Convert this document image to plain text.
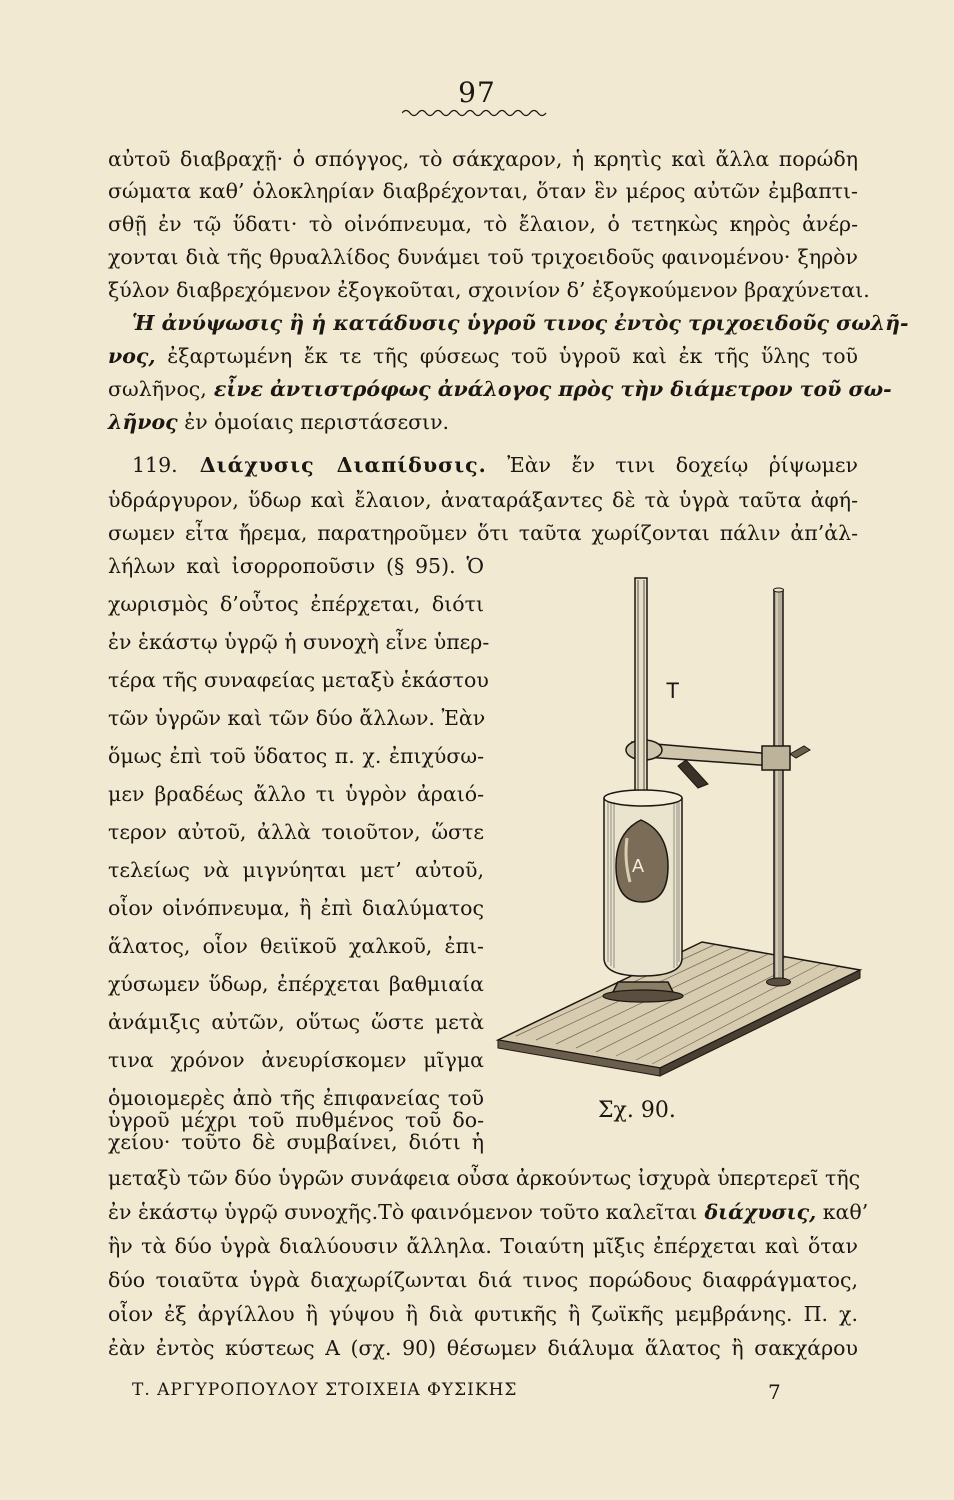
97
αὐτοῦ διαβραχῇ· ὁ σπόγγος, τὸ σάκχαρον, ἡ κρητὶς καὶ ἄλλα πορώδη
σώματα καθ’ ὁλοκληρίαν διαβρέχονται, ὅταν ἓν μέρος αὐτῶν ἐμβαπτι-
σθῇ ἐν τῷ ὕδατι· τὸ οἰνόπνευμα, τὸ ἔλαιον, ὁ τετηκὼς κηρὸς ἀνέρ-
χονται διὰ τῆς θρυαλλίδος δυνάμει τοῦ τριχοειδοῦς φαινομένου· ξηρὸν
ξύλον διαβρεχόμενον ἐξογκοῦται, σχοινίον δ’ ἐξογκούμενον βραχύνεται.
Ἡ ἀνύψωσις ἢ ἡ κατάδυσις ὑγροῦ τινος ἐντὸς τριχοειδοῦς σωλῆ-
νος, ἐξαρτωμένη ἔκ τε τῆς φύσεως τοῦ ὑγροῦ καὶ ἐκ τῆς ὕλης τοῦ
σωλῆνος, εἶνε ἀντιστρόφως ἀνάλογος πρὸς τὴν διάμετρον τοῦ σω-
λῆνος ἐν ὁμοίαις περιστάσεσιν.
119. Διάχυσις Διαπίδυσις. Ἐὰν ἔν τινι δοχείῳ ῥίψωμεν
ὑδράργυρον, ὕδωρ καὶ ἔλαιον, ἀναταράξαντες δὲ τὰ ὑγρὰ ταῦτα ἀφή-
σωμεν εἶτα ἤρεμα, παρατηροῦμεν ὅτι ταῦτα χωρίζονται πάλιν ἀπ’ἀλ-
λήλων καὶ ἰσορροποῦσιν (§ 95). Ὁ
χωρισμὸς δ’οὗτος ἐπέρχεται, διότι
ἐν ἑκάστῳ ὑγρῷ ἡ συνοχὴ εἶνε ὑπερ-
τέρα τῆς συναφείας μεταξὺ ἑκάστου
τῶν ὑγρῶν καὶ τῶν δύο ἄλλων. Ἐὰν
ὅμως ἐπὶ τοῦ ὕδατος π. χ. ἐπιχύσω-
μεν βραδέως ἄλλο τι ὑγρὸν ἀραιό-
τερον αὐτοῦ, ἀλλὰ τοιοῦτον, ὥστε
τελείως νὰ μιγνύηται μετ’ αὐτοῦ,
οἷον οἰνόπνευμα, ἢ ἐπὶ διαλύματος
ἅλατος, οἷον θειϊκοῦ χαλκοῦ, ἐπι-
χύσωμεν ὕδωρ, ἐπέρχεται βαθμιαία
ἀνάμιξις αὐτῶν, οὕτως ὥστε μετὰ
τινα χρόνον ἀνευρίσκομεν μῖγμα
ὁμοιομερὲς ἀπὸ τῆς ἐπιφανείας τοῦ
ὑγροῦ μέχρι τοῦ πυθμένος τοῦ δο-
χείου· τοῦτο δὲ συμβαίνει, διότι ἡ
T
A
Σχ. 90.
μεταξὺ τῶν δύο ὑγρῶν συνάφεια οὖσα ἀρκούντως ἰσχυρὰ ὑπερτερεῖ τῆς
ἐν ἑκάστῳ ὑγρῷ συνοχῆς.Τὸ φαινόμενον τοῦτο καλεῖται διάχυσις, καθ’
ἣν τὰ δύο ὑγρὰ διαλύουσιν ἄλληλα. Τοιαύτη μῖξις ἐπέρχεται καὶ ὅταν
δύο τοιαῦτα ὑγρὰ διαχωρίζωνται διά τινος πορώδους διαφράγματος,
οἷον ἐξ ἀργίλλου ἢ γύψου ἢ διὰ φυτικῆς ἢ ζωϊκῆς μεμβράνης. Π. χ.
ἐὰν ἐντὸς κύστεως Α (σχ. 90) θέσωμεν διάλυμα ἅλατος ἢ σακχάρου
Τ. ΑΡΓΥΡΟΠΟΥΛΟΥ ΣΤΟΙΧΕΙΑ ΦΥΣΙΚΗΣ	7
